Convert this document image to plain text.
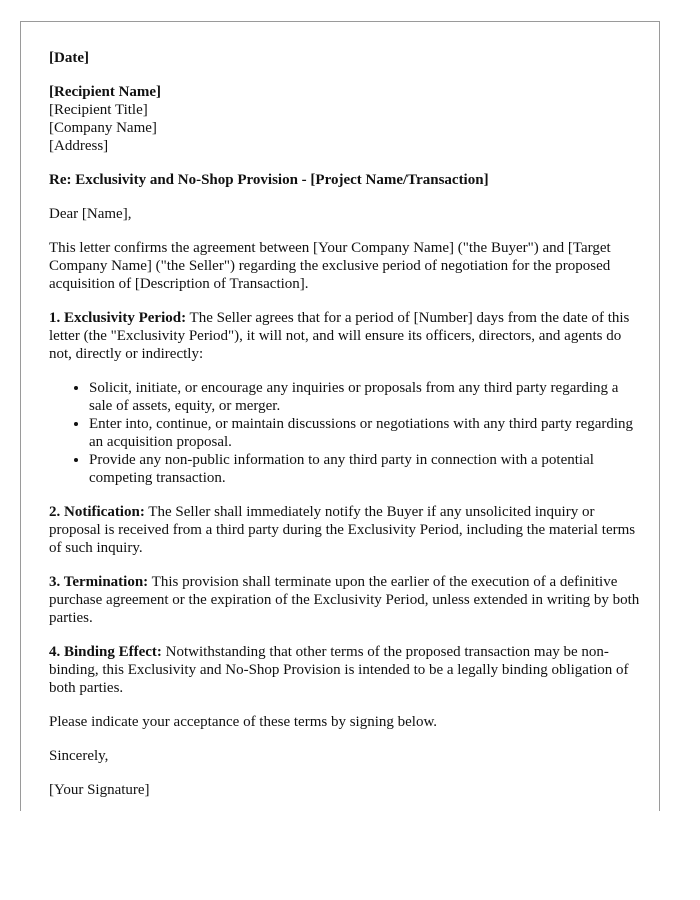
[Date]

[Recipient Name]
[Recipient Title]
[Company Name]
[Address]

Re: Exclusivity and No-Shop Provision - [Project Name/Transaction]

Dear [Name],

This letter confirms the agreement between [Your Company Name] ("the Buyer") and [Target Company Name] ("the Seller") regarding the exclusive period of negotiation for the proposed acquisition of [Description of Transaction].

1. Exclusivity Period: The Seller agrees that for a period of [Number] days from the date of this letter (the "Exclusivity Period"), it will not, and will ensure its officers, directors, and agents do not, directly or indirectly:

• Solicit, initiate, or encourage any inquiries or proposals from any third party regarding a sale of assets, equity, or merger.
• Enter into, continue, or maintain discussions or negotiations with any third party regarding an acquisition proposal.
• Provide any non-public information to any third party in connection with a potential competing transaction.

2. Notification: The Seller shall immediately notify the Buyer if any unsolicited inquiry or proposal is received from a third party during the Exclusivity Period, including the material terms of such inquiry.

3. Termination: This provision shall terminate upon the earlier of the execution of a definitive purchase agreement or the expiration of the Exclusivity Period, unless extended in writing by both parties.

4. Binding Effect: Notwithstanding that other terms of the proposed transaction may be non-binding, this Exclusivity and No-Shop Provision is intended to be a legally binding obligation of both parties.

Please indicate your acceptance of these terms by signing below.

Sincerely,

[Your Signature]
